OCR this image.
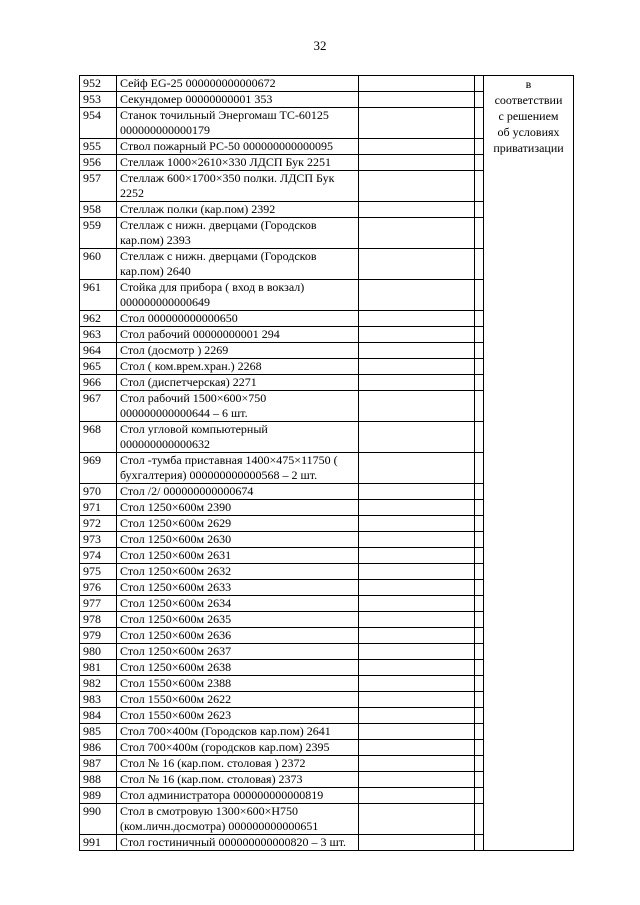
32
952	Сейф EG-25 000000000000672			в
соответствии
с решением
об условиях
приватизации
953	Секундомер 00000000001 353			
954	Станок точильный Энергомаш ТС-60125 000000000000179			
955	Ствол пожарный РС-50 000000000000095			
956	Стеллаж 1000×2610×330 ЛДСП Бук 2251			
957	Стеллаж 600×1700×350 полки. ЛДСП Бук 2252			
958	Стеллаж полки (кар.пом) 2392			
959	Стеллаж с нижн. дверцами (Городсков кар.пом) 2393			
960	Стеллаж с нижн. дверцами (Городсков кар.пом) 2640			
961	Стойка для прибора ( вход в вокзал) 000000000000649			
962	Стол 000000000000650			
963	Стол рабочий 00000000001 294			
964	Стол (досмотр ) 2269			
965	Стол ( ком.врем.хран.) 2268			
966	Стол (диспетчерская) 2271			
967	Стол рабочий 1500×600×750 000000000000644 – 6 шт.			
968	Стол угловой компьютерный 000000000000632			
969	Стол -тумба приставная 1400×475×11750 ( бухгалтерия) 000000000000568 – 2 шт.			
970	Стол /2/ 000000000000674			
971	Стол 1250×600м 2390			
972	Стол 1250×600м 2629			
973	Стол 1250×600м 2630			
974	Стол 1250×600м 2631			
975	Стол 1250×600м 2632			
976	Стол 1250×600м 2633			
977	Стол 1250×600м 2634			
978	Стол 1250×600м 2635			
979	Стол 1250×600м 2636			
980	Стол 1250×600м 2637			
981	Стол 1250×600м 2638			
982	Стол 1550×600м 2388			
983	Стол 1550×600м 2622			
984	Стол 1550×600м 2623			
985	Стол 700×400м (Городсков кар.пом) 2641			
986	Стол 700×400м (городсков кар.пом) 2395			
987	Стол № 16 (кар.пом. столовая ) 2372			
988	Стол № 16 (кар.пом. столовая) 2373			
989	Стол администратора 000000000000819			
990	Стол в смотровую 1300×600×Н750 (ком.личн.досмотра) 000000000000651			
991	Стол гостиничный 000000000000820 – 3 шт.			
